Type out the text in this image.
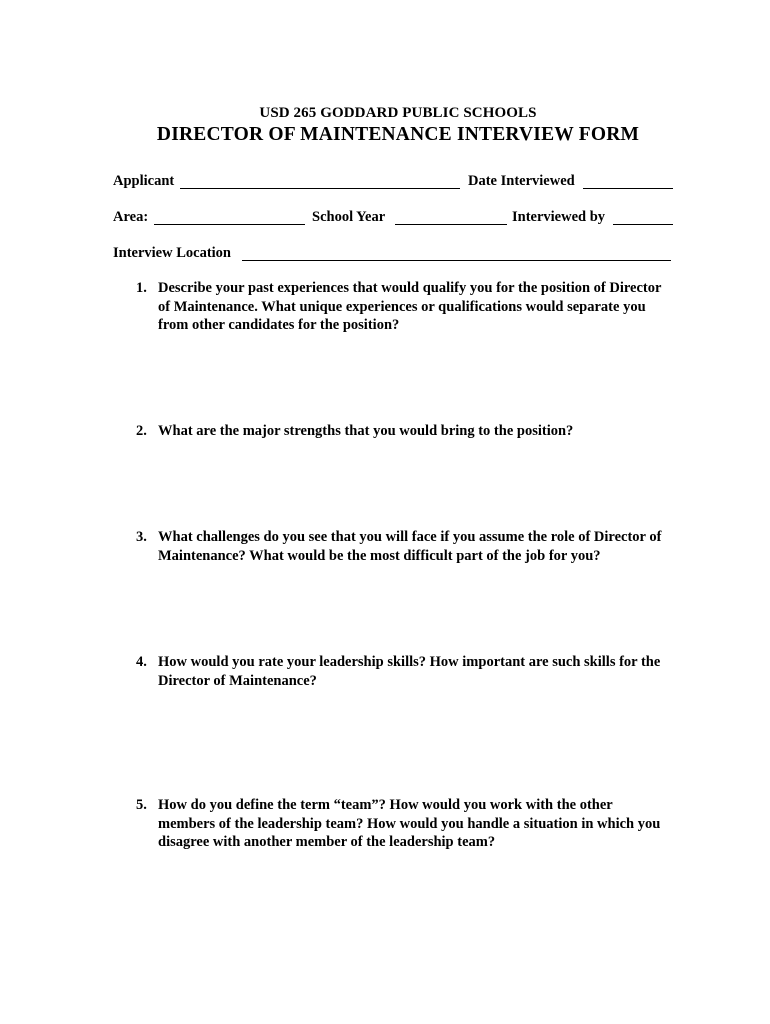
USD 265 GODDARD PUBLIC SCHOOLS
DIRECTOR OF MAINTENANCE INTERVIEW FORM
Applicant	Date Interviewed
Area:	School Year	Interviewed by
Interview Location
1. Describe your past experiences that would qualify you for the position of Director of Maintenance. What unique experiences or qualifications would separate you from other candidates for the position?
2. What are the major strengths that you would bring to the position?
3. What challenges do you see that you will face if you assume the role of Director of Maintenance? What would be the most difficult part of the job for you?
4. How would you rate your leadership skills? How important are such skills for the Director of Maintenance?
5. How do you define the term “team”? How would you work with the other members of the leadership team? How would you handle a situation in which you disagree with another member of the leadership team?
